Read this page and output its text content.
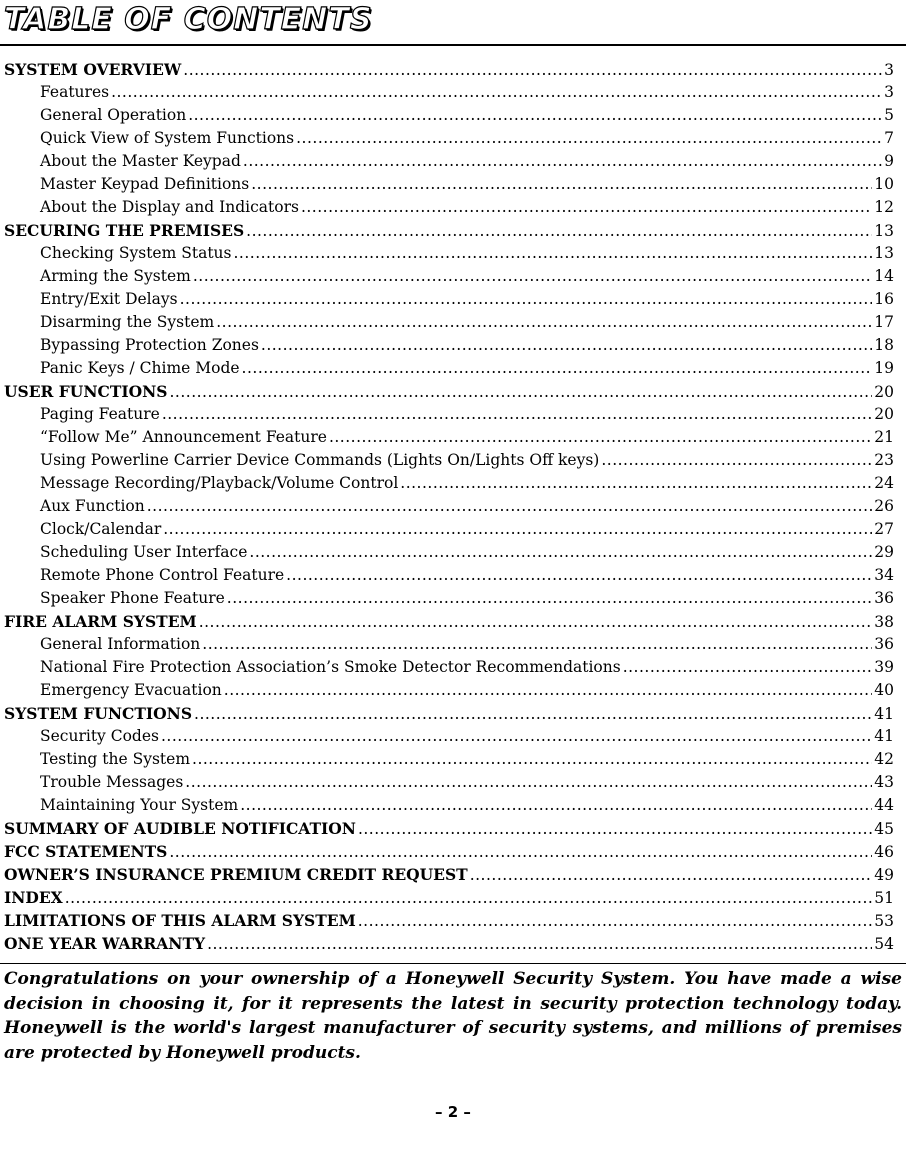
TABLE OF CONTENTS
SYSTEM OVERVIEW .....	3
Features .....	3
General Operation .....	5
Quick View of System Functions .....	7
About the Master Keypad .....	9
Master Keypad Definitions .....	10
About the Display and Indicators .....	12
SECURING THE PREMISES .....	13
Checking System Status .....	13
Arming the System .....	14
Entry/Exit Delays .....	16
Disarming the System .....	17
Bypassing Protection Zones .....	18
Panic Keys / Chime Mode .....	19
USER FUNCTIONS .....	20
Paging Feature .....	20
“Follow Me” Announcement Feature .....	21
Using Powerline Carrier Device Commands (Lights On/Lights Off keys) .....	23
Message Recording/Playback/Volume Control .....	24
Aux Function .....	26
Clock/Calendar .....	27
Scheduling User Interface .....	29
Remote Phone Control Feature .....	34
Speaker Phone Feature .....	36
FIRE ALARM SYSTEM .....	38
General Information .....	36
National Fire Protection Association’s Smoke Detector Recommendations .....	39
Emergency Evacuation .....	40
SYSTEM FUNCTIONS .....	41
Security Codes .....	41
Testing the System .....	42
Trouble Messages .....	43
Maintaining Your System .....	44
SUMMARY OF AUDIBLE NOTIFICATION .....	45
FCC STATEMENTS .....	46
OWNER’S INSURANCE PREMIUM CREDIT REQUEST .....	49
INDEX .....	51
LIMITATIONS OF THIS ALARM SYSTEM .....	53
ONE YEAR WARRANTY .....	54
Congratulations on your ownership of a Honeywell Security System. You have made a wise decision in choosing it, for it represents the latest in security protection technology today. Honeywell is the world's largest manufacturer of security systems, and millions of premises are protected by Honeywell products.
– 2 –
